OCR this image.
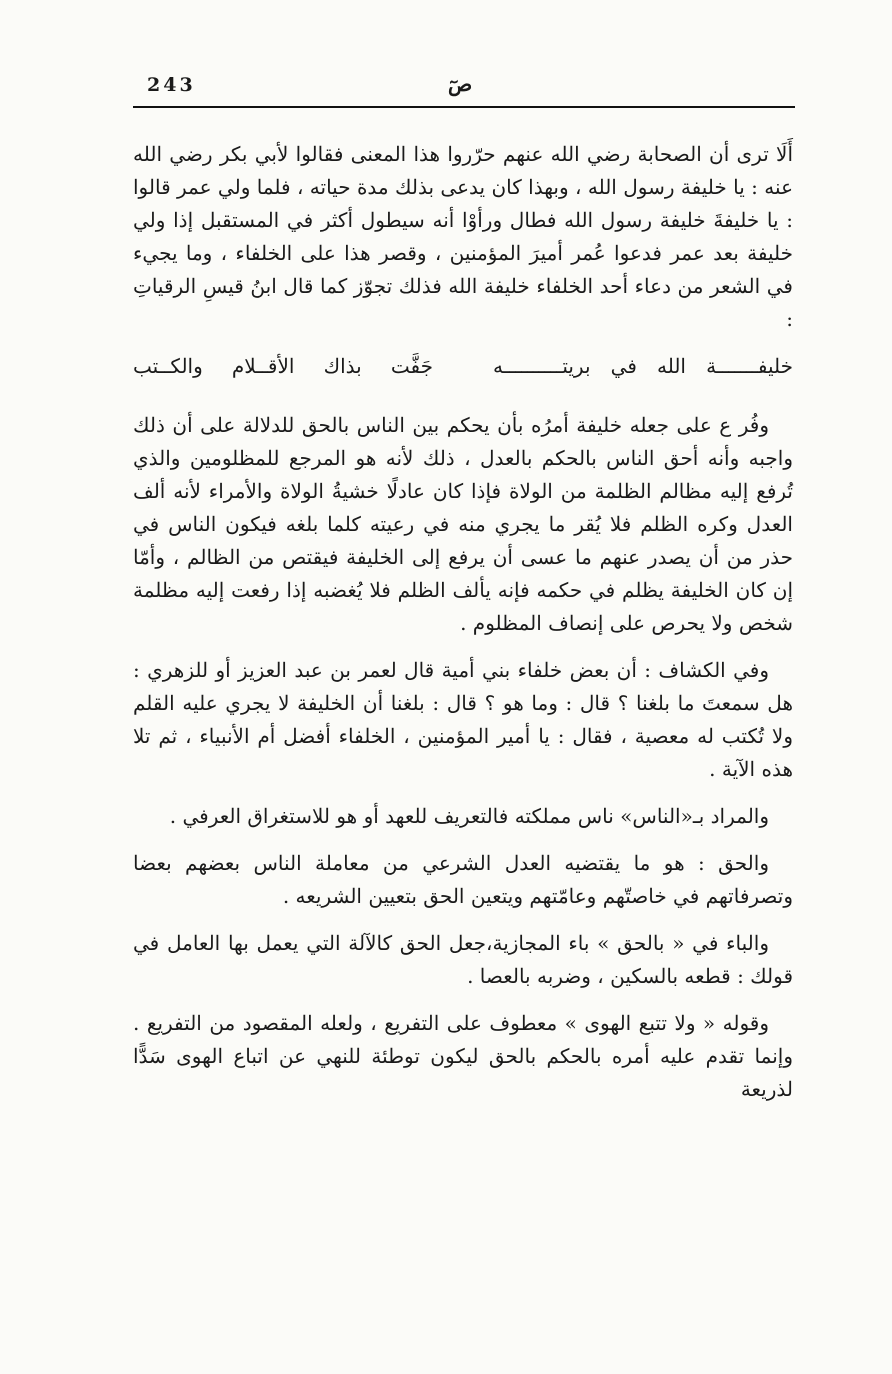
243	صٓ

أَلَا ترى أن الصحابة رضي الله عنهم حرّروا هذا المعنى فقالوا لأبي بكر رضي الله عنه : يا خليفة رسول الله ، وبهذا كان يدعى بذلك مدة حياته ، فلما ولي عمر قالوا : يا خليفةَ خليفة رسول الله فطال ورأوْا أنه سيطول أكثر في المستقبل إذا ولي خليفة بعد عمر فدعوا عُمر أميرَ المؤمنين ، وقصر هذا على الخلفاء ، وما يجيء في الشعر من دعاء أحد الخلفاء خليفة الله فذلك تجوّز كما قال ابنُ قيسِ الرقياتِ :

خليفـــــــة الله في بريتــــــــــه
جَفَّت بذاك الأقــلام والكــتب

وفُر ع على جعله خليفة أمرُه بأن يحكم بين الناس بالحق للدلالة على أن ذلك واجبه وأنه أحق الناس بالحكم بالعدل ، ذلك لأنه هو المرجع للمظلومين والذي تُرفع إليه مظالم الظلمة من الولاة فإذا كان عادلًا خشيةُ الولاة والأمراء لأنه ألف العدل وكره الظلم فلا يُقر ما يجري منه في رعيته كلما بلغه فيكون الناس في حذر من أن يصدر عنهم ما عسى أن يرفع إلى الخليفة فيقتص من الظالم ، وأمّا إن كان الخليفة يظلم في حكمه فإنه يألف الظلم فلا يُغضبه إذا رفعت إليه مظلمة شخص ولا يحرص على إنصاف المظلوم .

وفي الكشاف : أن بعض خلفاء بني أمية قال لعمر بن عبد العزيز أو للزهري : هل سمعتَ ما بلغنا ؟ قال : وما هو ؟ قال : بلغنا أن الخليفة لا يجري عليه القلم ولا تُكتب له معصية ، فقال : يا أمير المؤمنين ، الخلفاء أفضل أم الأنبياء ، ثم تلا هذه الآية .

والمراد بـ«الناس» ناس مملكته فالتعريف للعهد أو هو للاستغراق العرفي .

والحق : هو ما يقتضيه العدل الشرعي من معاملة الناس بعضهم بعضا وتصرفاتهم في خاصتّهم وعامّتهم ويتعين الحق بتعيين الشريعه .

والباء في « بالحق » باء المجازية،جعل الحق كالآلة التي يعمل بها العامل في قولك : قطعه بالسكين ، وضربه بالعصا .

وقوله « ولا تتبع الهوى » معطوف على التفريع ، ولعله المقصود من التفريع . وإنما تقدم عليه أمره بالحكم بالحق ليكون توطئة للنهي عن اتباع الهوى سَدًّا لذريعة
